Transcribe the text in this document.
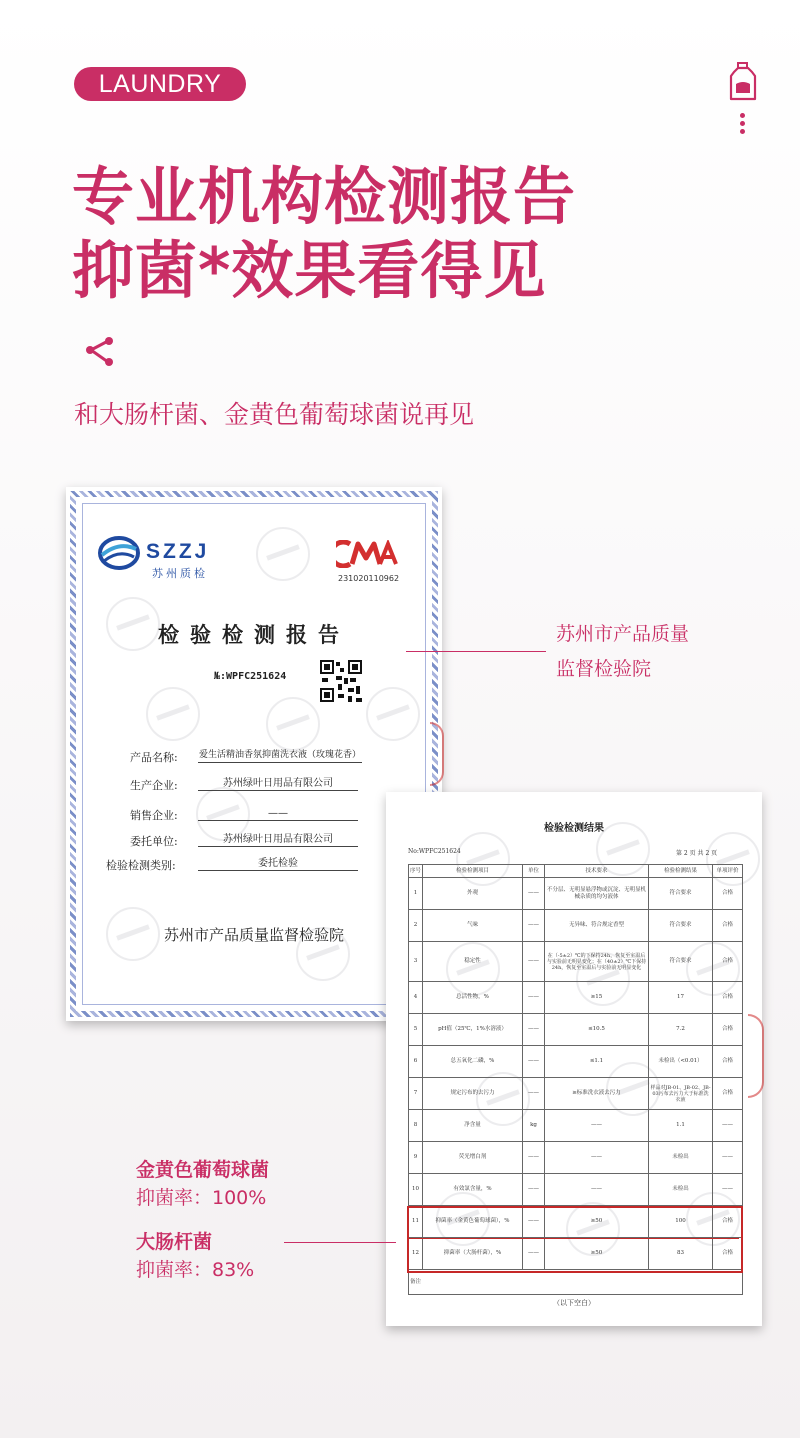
LAUNDRY
专业机构检测报告
抑菌*效果看得见
和大肠杆菌、金黄色葡萄球菌说再见
SZZJ
苏州质检	231020110962
检验检测报告
№:WPFC251624
产品名称: 爱生活精油香氛抑菌洗衣液（玫瑰花香）
生产企业:	苏州绿叶日用品有限公司
销售企业:	——
委托单位:	苏州绿叶日用品有限公司
检验检测类别:	委托检验
苏州市产品质量监督检验院
苏州市产品质量
监督检验院
检验检测结果
No:WPFC251624	第 2 页 共 2 页
序号	检验检测项目	单位	技术要求	检验检测结果	单项评价
1	外观	——	不分层、无明显悬浮物或沉淀、无明显机械杂质的均匀液体	符合要求	合格
2	气味	——	无异味、符合规定香型	符合要求	合格
3	稳定性	——	在（-5±2）℃的下保持24h，恢复至室温后与实验前无明显变化；在（40±2）℃下保持24h，恢复至室温后与实验前无明显变化	符合要求	合格
4	总活性物，%	——	≥15	17	合格
5	pH值（25℃，1%水溶液）	——	≤10.5	7.2	合格
6	总五氧化二磷，%	——	≤1.1	未检出（<0.01）	合格
7	规定污布的去污力	——	≥标准洗衣液去污力	样品对JB-01、JB-02、JB-03污布去污力大于标准洗衣液	合格
8	净含量	kg	——	1.1	——
9	荧光增白剂	——	——	未检出	——
10	有效氯含量，%	——	——	未检出	——
11	抑菌率（金黄色葡萄球菌），%	——	≥50	100	合格
12	抑菌率（大肠杆菌），%	——	≥50	83	合格
备注					
（以下空白）
金黄色葡萄球菌
抑菌率：100%
大肠杆菌
抑菌率：83%
